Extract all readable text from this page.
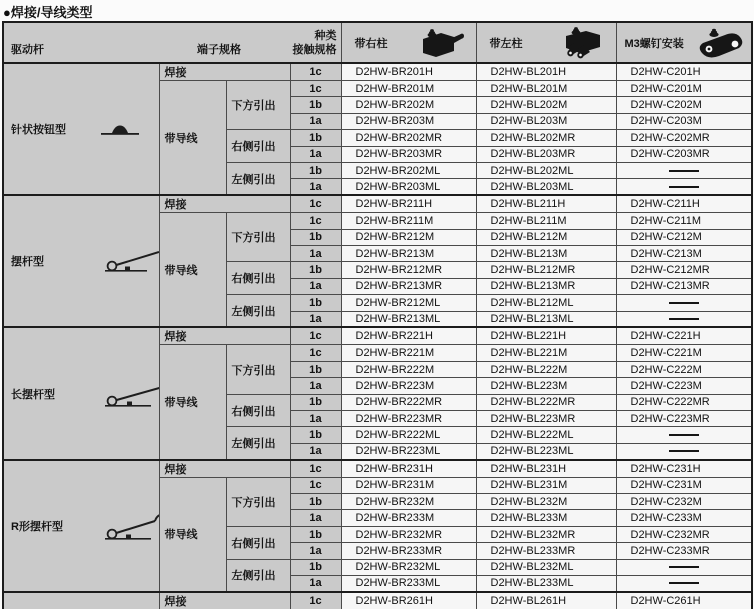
●焊接/导线类型
种类
驱动杆 端子规格 接触规格				带右柱	带左柱	M3螺钉安装

针状按钮型	焊接		1c	D2HW-BR201H	D2HW-BL201H	D2HW-C201H
	带导线	下方引出	1c	D2HW-BR201M	D2HW-BL201M	D2HW-C201M
			1b	D2HW-BR202M	D2HW-BL202M	D2HW-C202M
			1a	D2HW-BR203M	D2HW-BL203M	D2HW-C203M
		右侧引出	1b	D2HW-BR202MR	D2HW-BL202MR	D2HW-C202MR
			1a	D2HW-BR203MR	D2HW-BL203MR	D2HW-C203MR
		左侧引出	1b	D2HW-BR202ML	D2HW-BL202ML	

			1a	D2HW-BR203ML	D2HW-BL203ML	

摆杆型	焊接		1c	D2HW-BR211H	D2HW-BL211H	D2HW-C211H
	带导线	下方引出	1c	D2HW-BR211M	D2HW-BL211M	D2HW-C211M
			1b	D2HW-BR212M	D2HW-BL212M	D2HW-C212M
			1a	D2HW-BR213M	D2HW-BL213M	D2HW-C213M
		右侧引出	1b	D2HW-BR212MR	D2HW-BL212MR	D2HW-C212MR
			1a	D2HW-BR213MR	D2HW-BL213MR	D2HW-C213MR
		左侧引出	1b	D2HW-BR212ML	D2HW-BL212ML	

			1a	D2HW-BR213ML	D2HW-BL213ML	

长摆杆型	焊接		1c	D2HW-BR221H	D2HW-BL221H	D2HW-C221H
	带导线	下方引出	1c	D2HW-BR221M	D2HW-BL221M	D2HW-C221M
			1b	D2HW-BR222M	D2HW-BL222M	D2HW-C222M
			1a	D2HW-BR223M	D2HW-BL223M	D2HW-C223M
		右侧引出	1b	D2HW-BR222MR	D2HW-BL222MR	D2HW-C222MR
			1a	D2HW-BR223MR	D2HW-BL223MR	D2HW-C223MR
		左侧引出	1b	D2HW-BR222ML	D2HW-BL222ML	

			1a	D2HW-BR223ML	D2HW-BL223ML	

R形摆杆型	焊接		1c	D2HW-BR231H	D2HW-BL231H	D2HW-C231H
	带导线	下方引出	1c	D2HW-BR231M	D2HW-BL231M	D2HW-C231M
			1b	D2HW-BR232M	D2HW-BL232M	D2HW-C232M
			1a	D2HW-BR233M	D2HW-BL233M	D2HW-C233M
		右侧引出	1b	D2HW-BR232MR	D2HW-BL232MR	D2HW-C232MR
			1a	D2HW-BR233MR	D2HW-BL233MR	D2HW-C233MR
		左侧引出	1b	D2HW-BR232ML	D2HW-BL232ML	

			1a	D2HW-BR233ML	D2HW-BL233ML	

	焊接		1c	D2HW-BR261H	D2HW-BL261H	D2HW-C261H
